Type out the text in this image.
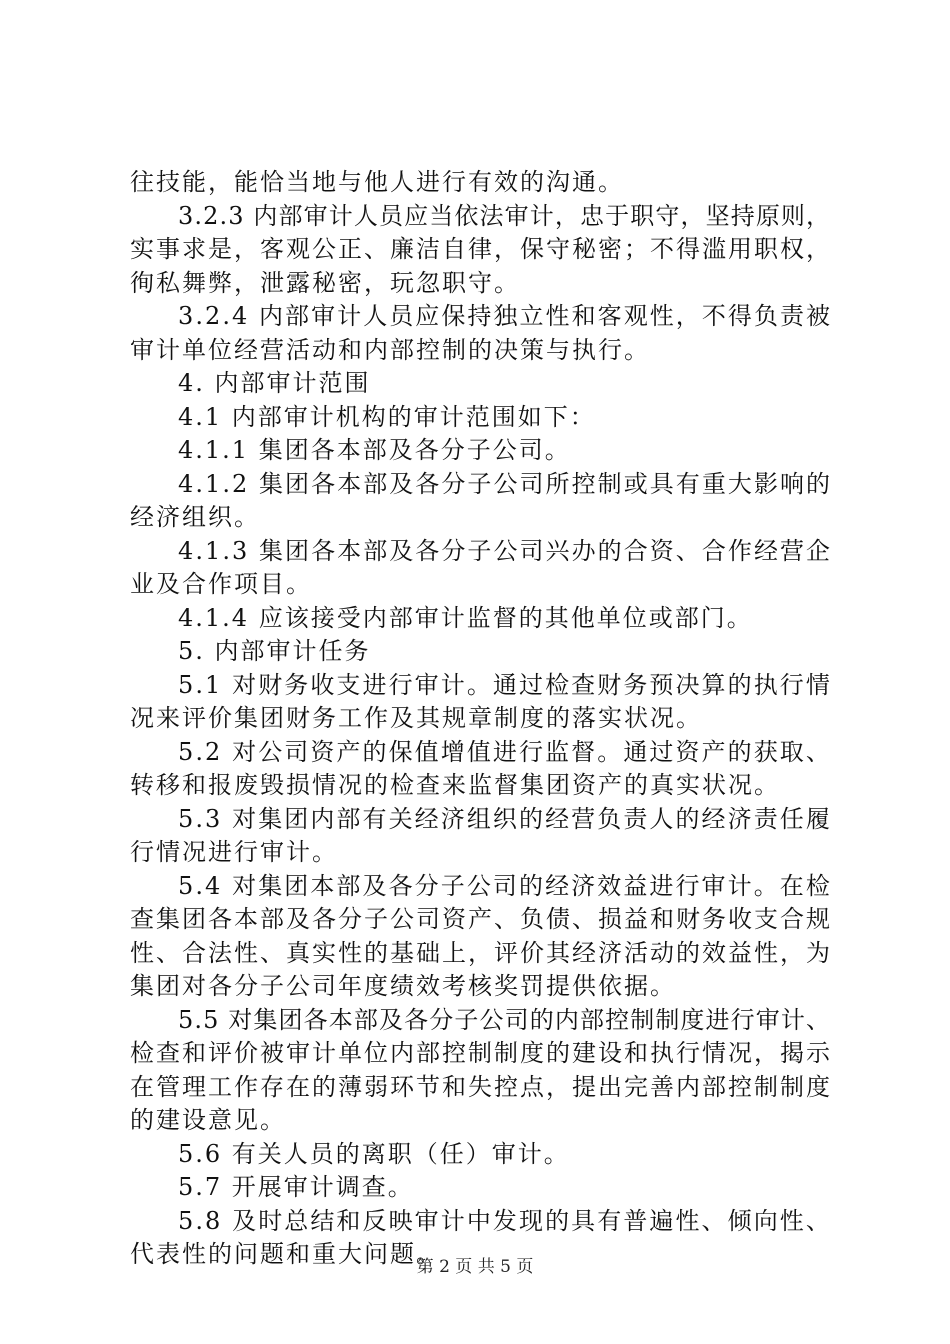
往技能，能恰当地与他人进行有效的沟通。
3.2.3 内部审计人员应当依法审计，忠于职守，坚持原则，
实事求是，客观公正、廉洁自律，保守秘密；不得滥用职权，
徇私舞弊，泄露秘密，玩忽职守。
3.2.4 内部审计人员应保持独立性和客观性，不得负责被
审计单位经营活动和内部控制的决策与执行。
4. 内部审计范围
4.1 内部审计机构的审计范围如下：
4.1.1 集团各本部及各分子公司。
4.1.2 集团各本部及各分子公司所控制或具有重大影响的
经济组织。
4.1.3 集团各本部及各分子公司兴办的合资、合作经营企
业及合作项目。
4.1.4 应该接受内部审计监督的其他单位或部门。
5. 内部审计任务
5.1 对财务收支进行审计。通过检查财务预决算的执行情
况来评价集团财务工作及其规章制度的落实状况。
5.2 对公司资产的保值增值进行监督。通过资产的获取、
转移和报废毁损情况的检查来监督集团资产的真实状况。
5.3 对集团内部有关经济组织的经营负责人的经济责任履
行情况进行审计。
5.4 对集团本部及各分子公司的经济效益进行审计。在检
查集团各本部及各分子公司资产、负债、损益和财务收支合规
性、合法性、真实性的基础上，评价其经济活动的效益性，为
集团对各分子公司年度绩效考核奖罚提供依据。
5.5 对集团各本部及各分子公司的内部控制制度进行审计、
检查和评价被审计单位内部控制制度的建设和执行情况，揭示
在管理工作存在的薄弱环节和失控点，提出完善内部控制制度
的建设意见。
5.6 有关人员的离职（任）审计。
5.7 开展审计调查。
5.8 及时总结和反映审计中发现的具有普遍性、倾向性、
代表性的问题和重大问题。
第 2 页 共 5 页
